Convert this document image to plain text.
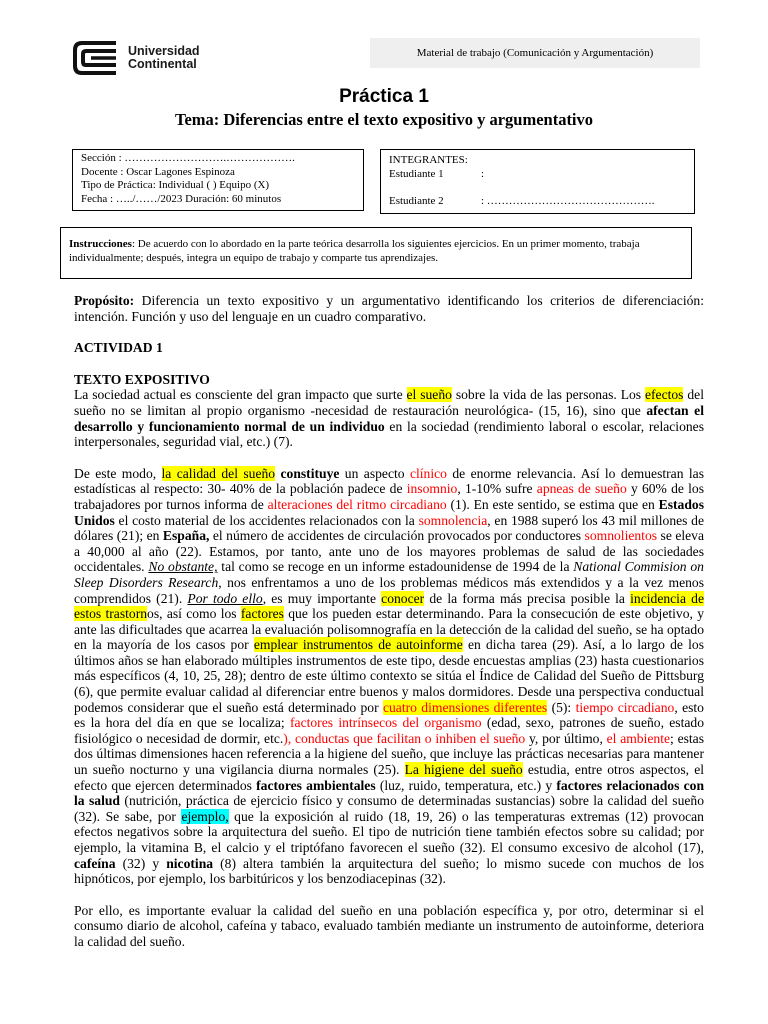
Universidad
Continental
Material de trabajo (Comunicación y Argumentación)
Práctica 1
Tema: Diferencias entre el texto expositivo y argumentativo
Sección : ……………………….……………….
Docente : Oscar Lagones Espinoza
Tipo de Práctica: Individual ( ) Equipo (X)
Fecha : …../……/2023 Duración: 60 minutos
INTEGRANTES:
Estudiante 1	:
Estudiante 2	: ……………………………………….
Instrucciones: De acuerdo con lo abordado en la parte teórica desarrolla los siguientes ejercicios. En un primer momento, trabaja individualmente; después, integra un equipo de trabajo y comparte tus aprendizajes.

Propósito: Diferencia un texto expositivo y un argumentativo identificando los criterios de diferenciación: intención. Función y uso del lenguaje en un cuadro comparativo.

ACTIVIDAD 1

TEXTO EXPOSITIVO

La sociedad actual es consciente del gran impacto que surte el sueño sobre la vida de las personas. Los efectos del sueño no se limitan al propio organismo -necesidad de restauración neurológica- (15, 16), sino que afectan el desarrollo y funcionamiento normal de un individuo en la sociedad (rendimiento laboral o escolar, relaciones interpersonales, seguridad vial, etc.) (7).

De este modo, la calidad del sueño constituye un aspecto clínico de enorme relevancia. Así lo demuestran las estadísticas al respecto: 30- 40% de la población padece de insomnio, 1-10% sufre apneas de sueño y 60% de los trabajadores por turnos informa de alteraciones del ritmo circadiano (1). En este sentido, se estima que en Estados Unidos el costo material de los accidentes relacionados con la somnolencia, en 1988 superó los 43 mil millones de dólares (21); en España, el número de accidentes de circulación provocados por conductores somnolientos se eleva a 40,000 al año (22). Estamos, por tanto, ante uno de los mayores problemas de salud de las sociedades occidentales. No obstante, tal como se recoge en un informe estadounidense de 1994 de la National Commision on Sleep Disorders Research, nos enfrentamos a uno de los problemas médicos más extendidos y a la vez menos comprendidos (21). Por todo ello, es muy importante conocer de la forma más precisa posible la incidencia de estos trastornos, así como los factores que los pueden estar determinando. Para la consecución de este objetivo, y ante las dificultades que acarrea la evaluación polisomnografía en la detección de la calidad del sueño, se ha optado en la mayoría de los casos por emplear instrumentos de autoinforme en dicha tarea (29). Así, a lo largo de los últimos años se han elaborado múltiples instrumentos de este tipo, desde encuestas amplias (23) hasta cuestionarios más específicos (4, 10, 25, 28); dentro de este último contexto se sitúa el Índice de Calidad del Sueño de Pittsburg (6), que permite evaluar calidad al diferenciar entre buenos y malos dormidores. Desde una perspectiva conductual podemos considerar que el sueño está determinado por cuatro dimensiones diferentes (5): tiempo circadiano, esto es la hora del día en que se localiza; factores intrínsecos del organismo (edad, sexo, patrones de sueño, estado fisiológico o necesidad de dormir, etc.), conductas que facilitan o inhiben el sueño y, por último, el ambiente; estas dos últimas dimensiones hacen referencia a la higiene del sueño, que incluye las prácticas necesarias para mantener un sueño nocturno y una vigilancia diurna normales (25). La higiene del sueño estudia, entre otros aspectos, el efecto que ejercen determinados factores ambientales (luz, ruido, temperatura, etc.) y factores relacionados con la salud (nutrición, práctica de ejercicio físico y consumo de determinadas sustancias) sobre la calidad del sueño (32). Se sabe, por ejemplo, que la exposición al ruido (18, 19, 26) o las temperaturas extremas (12) provocan efectos negativos sobre la arquitectura del sueño. El tipo de nutrición tiene también efectos sobre su calidad; por ejemplo, la vitamina B, el calcio y el triptófano favorecen el sueño (32). El consumo excesivo de alcohol (17), cafeína (32) y nicotina (8) altera también la arquitectura del sueño; lo mismo sucede con muchos de los hipnóticos, por ejemplo, los barbitúricos y los benzodiacepinas (32).

Por ello, es importante evaluar la calidad del sueño en una población específica y, por otro, determinar si el consumo diario de alcohol, cafeína y tabaco, evaluado también mediante un instrumento de autoinforme, deteriora la calidad del sueño.
